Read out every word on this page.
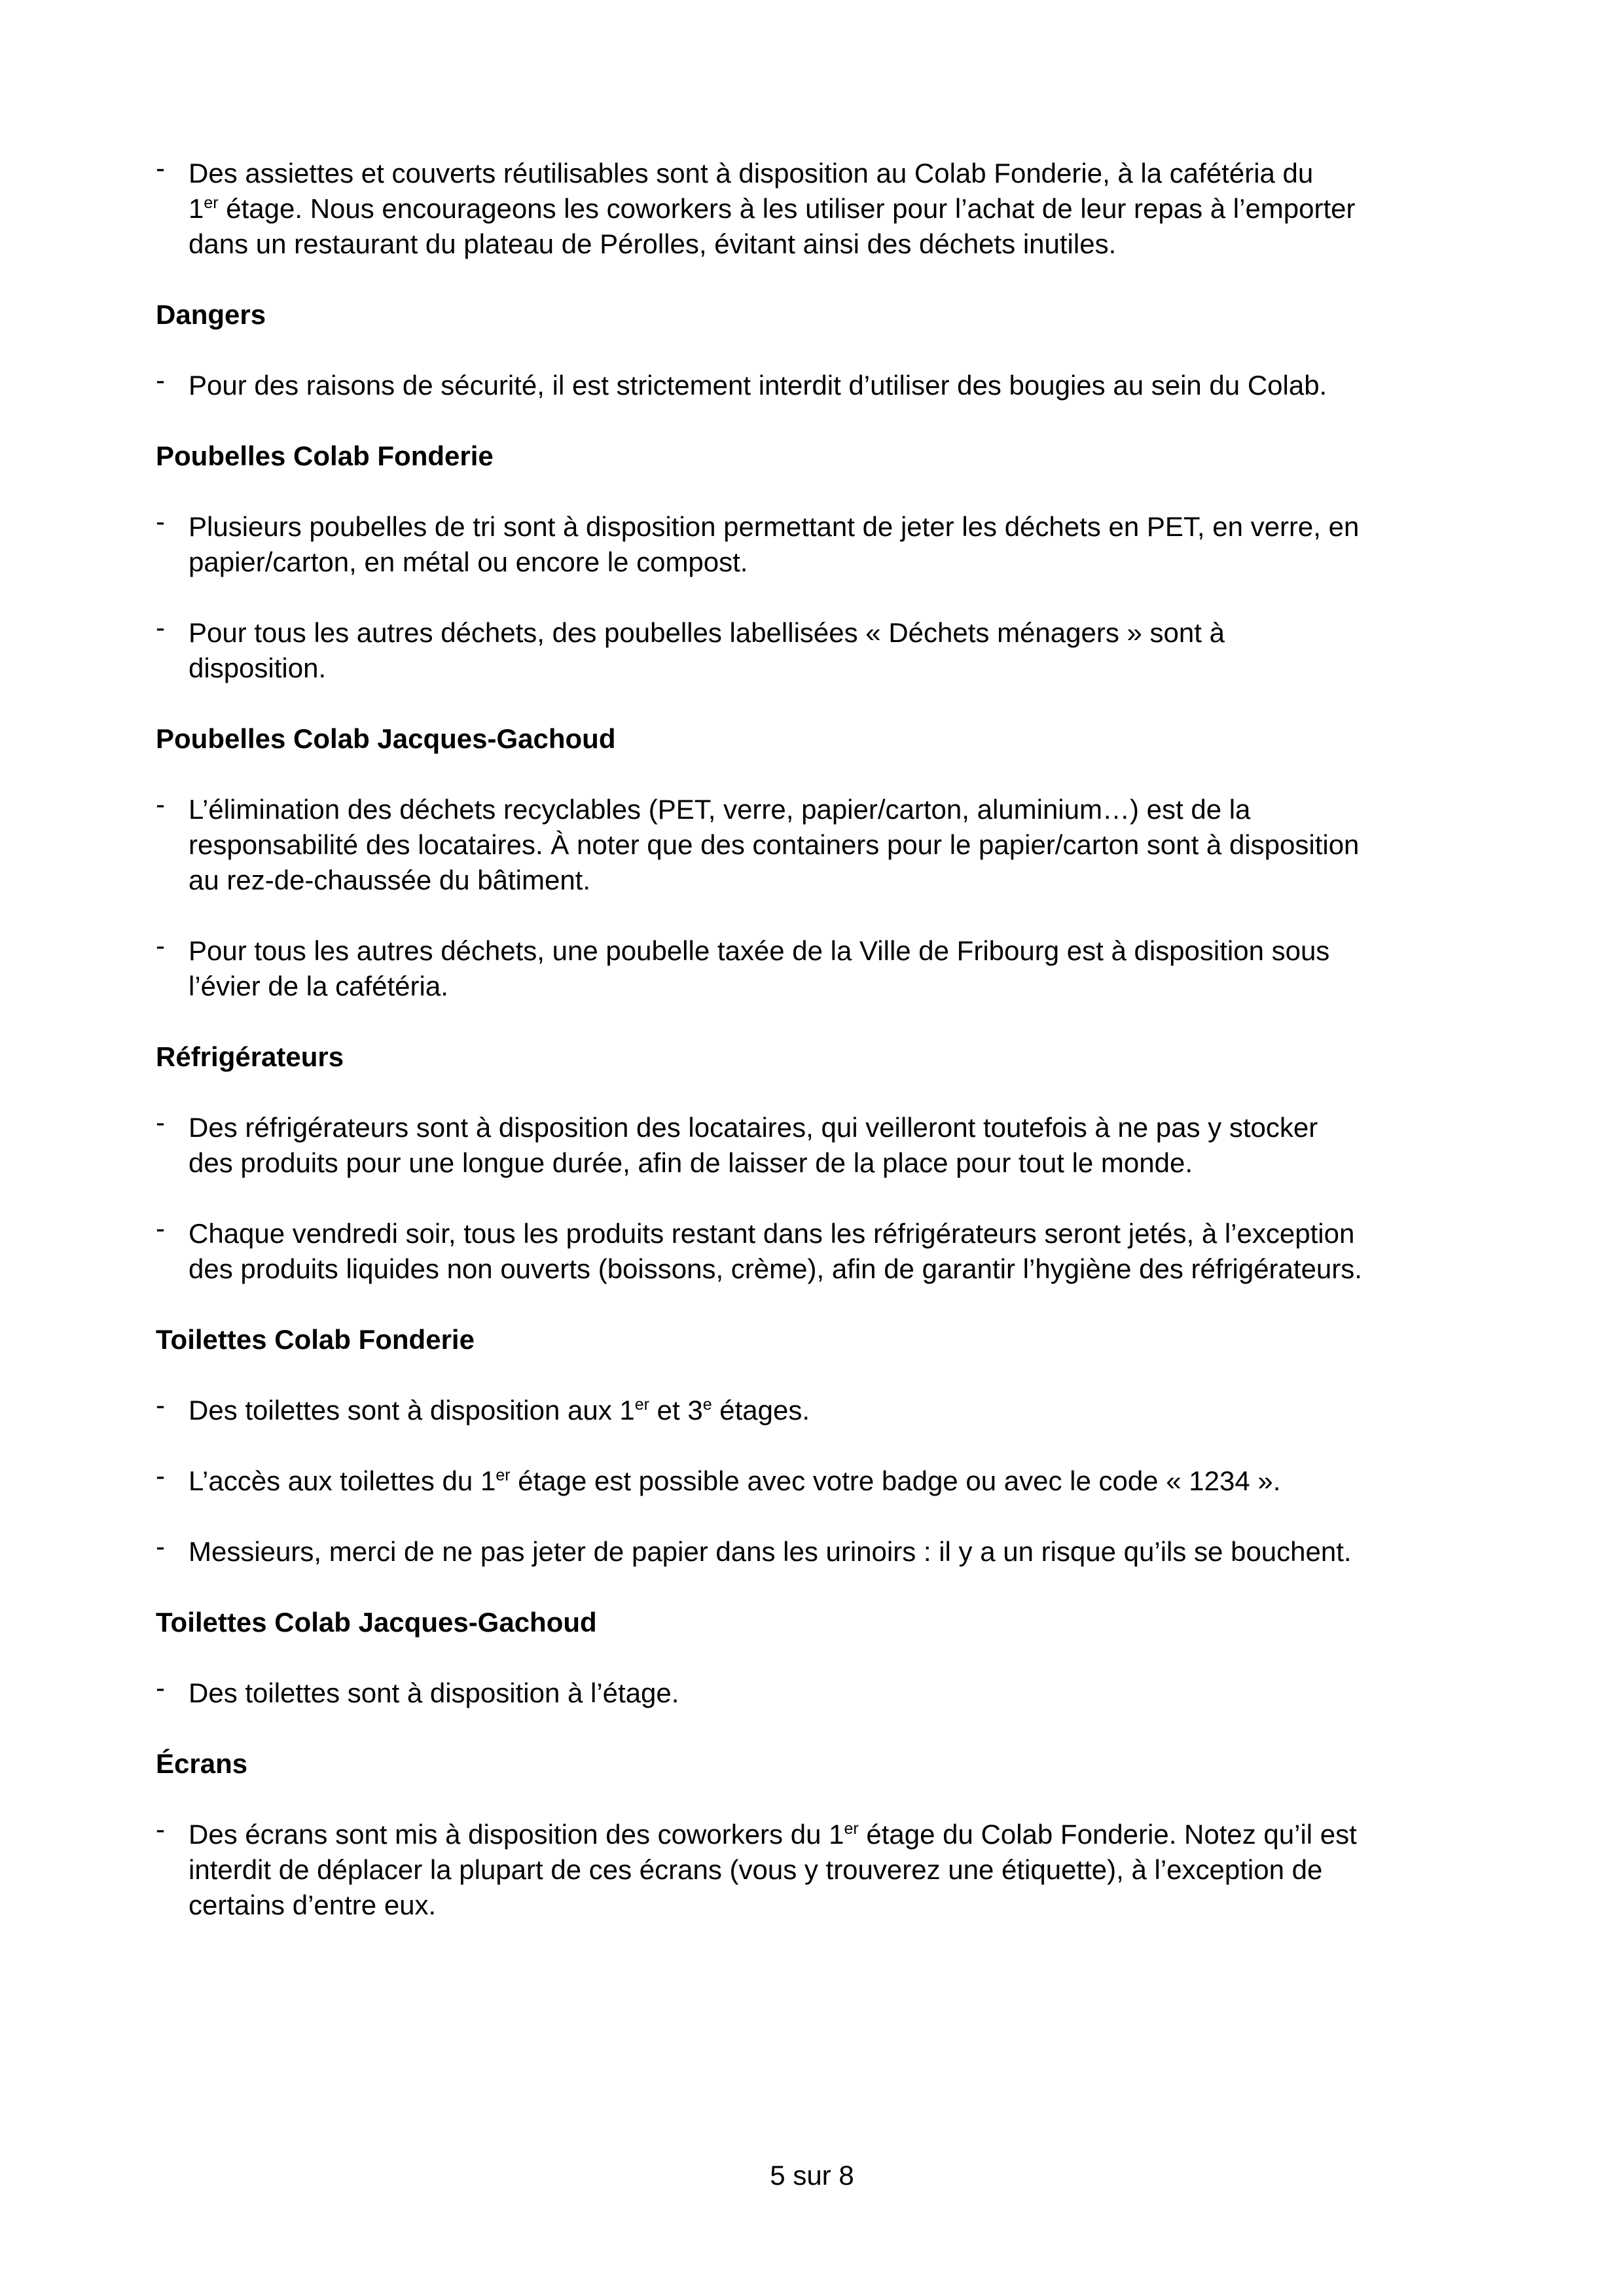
- Des assiettes et couverts réutilisables sont à disposition au Colab Fonderie, à la cafétéria du
1er étage. Nous encourageons les coworkers à les utiliser pour l’achat de leur repas à l’emporter
dans un restaurant du plateau de Pérolles, évitant ainsi des déchets inutiles.
Dangers
- Pour des raisons de sécurité, il est strictement interdit d’utiliser des bougies au sein du Colab.
Poubelles Colab Fonderie
- Plusieurs poubelles de tri sont à disposition permettant de jeter les déchets en PET, en verre, en
papier/carton, en métal ou encore le compost.
- Pour tous les autres déchets, des poubelles labellisées « Déchets ménagers » sont à
disposition.
Poubelles Colab Jacques-Gachoud
- L’élimination des déchets recyclables (PET, verre, papier/carton, aluminium…) est de la
responsabilité des locataires. À noter que des containers pour le papier/carton sont à disposition
au rez-de-chaussée du bâtiment.
- Pour tous les autres déchets, une poubelle taxée de la Ville de Fribourg est à disposition sous
l’évier de la cafétéria.
Réfrigérateurs
- Des réfrigérateurs sont à disposition des locataires, qui veilleront toutefois à ne pas y stocker
des produits pour une longue durée, afin de laisser de la place pour tout le monde.
- Chaque vendredi soir, tous les produits restant dans les réfrigérateurs seront jetés, à l’exception
des produits liquides non ouverts (boissons, crème), afin de garantir l’hygiène des réfrigérateurs.
Toilettes Colab Fonderie
- Des toilettes sont à disposition aux 1er et 3e étages.
- L’accès aux toilettes du 1er étage est possible avec votre badge ou avec le code « 1234 ».
- Messieurs, merci de ne pas jeter de papier dans les urinoirs : il y a un risque qu’ils se bouchent.
Toilettes Colab Jacques-Gachoud
- Des toilettes sont à disposition à l’étage.
Écrans
- Des écrans sont mis à disposition des coworkers du 1er étage du Colab Fonderie. Notez qu’il est
interdit de déplacer la plupart de ces écrans (vous y trouverez une étiquette), à l’exception de
certains d’entre eux.
5 sur 8
